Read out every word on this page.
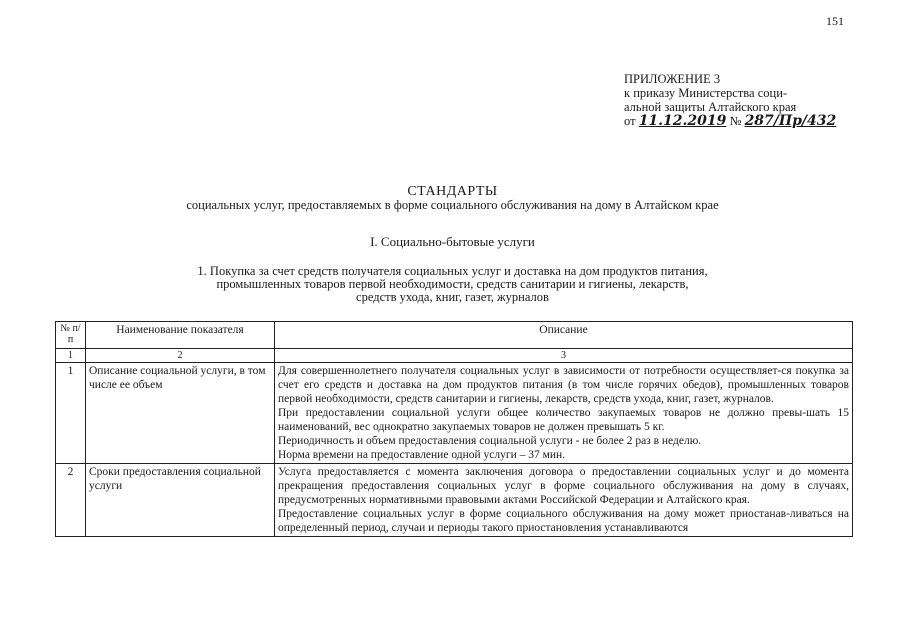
151
ПРИЛОЖЕНИЕ 3
к приказу Министерства соци-
альной защиты Алтайского края
от 11.12.2019 № 287/Пр/432
СТАНДАРТЫ
социальных услуг, предоставляемых в форме социального обслуживания на дому в Алтайском крае
I. Социально-бытовые услуги
1. Покупка за счет средств получателя социальных услуг и доставка на дом продуктов питания,
промышленных товаров первой необходимости, средств санитарии и гигиены, лекарств,
средств ухода, книг, газет, журналов
№ п/п	Наименование показателя	Описание
1	2	3
1	Описание социальной услуги, в том числе ее объем	Для совершеннолетнего получателя социальных услуг в зависимости от потребности осуществляет-ся покупка за счет его средств и доставка на дом продуктов питания (в том числе горячих обедов), промышленных товаров первой необходимости, средств санитарии и гигиены, лекарств, средств ухода, книг, газет, журналов.

При предоставлении социальной услуги общее количество закупаемых товаров не должно превы-шать 15 наименований, вес однократно закупаемых товаров не должен превышать 5 кг.

Периодичность и объем предоставления социальной услуги - не более 2 раз в неделю.

Норма времени на предоставление одной услуги – 37 мин.

2	Сроки предоставления социальной услуги	Услуга предоставляется с момента заключения договора о предоставлении социальных услуг и до момента прекращения предоставления социальных услуг в форме социального обслуживания на дому в случаях, предусмотренных нормативными правовыми актами Российской Федерации и Алтайского края.

Предоставление социальных услуг в форме социального обслуживания на дому может приостанав-ливаться на определенный период, случаи и периоды такого приостановления устанавливаются
